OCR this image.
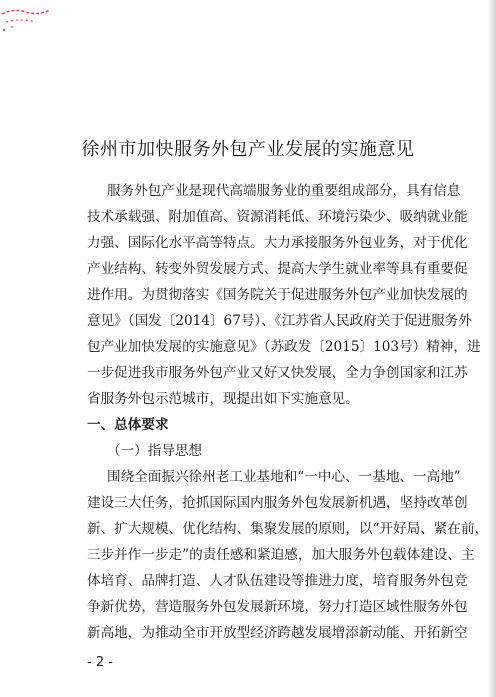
徐州市加快服务外包产业发展的实施意见
服务外包产业是现代高端服务业的重要组成部分，具有信息
技术承载强、附加值高、资源消耗低、环境污染少、吸纳就业能
力强、国际化水平高等特点。大力承接服务外包业务，对于优化
产业结构、转变外贸发展方式、提高大学生就业率等具有重要促
进作用。为贯彻落实《国务院关于促进服务外包产业加快发展的
意见》（国发〔2014〕67号）、《江苏省人民政府关于促进服务外
包产业加快发展的实施意见》（苏政发〔2015〕103号）精神，进
一步促进我市服务外包产业又好又快发展，全力争创国家和江苏
省服务外包示范城市，现提出如下实施意见。
一、总体要求
（一）指导思想
围绕全面振兴徐州老工业基地和“一中心、一基地、一高地”
建设三大任务，抢抓国际国内服务外包发展新机遇，坚持改革创
新、扩大规模、优化结构、集聚发展的原则，以“开好局、紧在前，
三步并作一步走”的责任感和紧迫感，加大服务外包载体建设、主
体培育、品牌打造、人才队伍建设等推进力度，培育服务外包竞
争新优势，营造服务外包发展新环境，努力打造区域性服务外包
新高地，为推动全市开放型经济跨越发展增添新动能、开拓新空
- 2 -
